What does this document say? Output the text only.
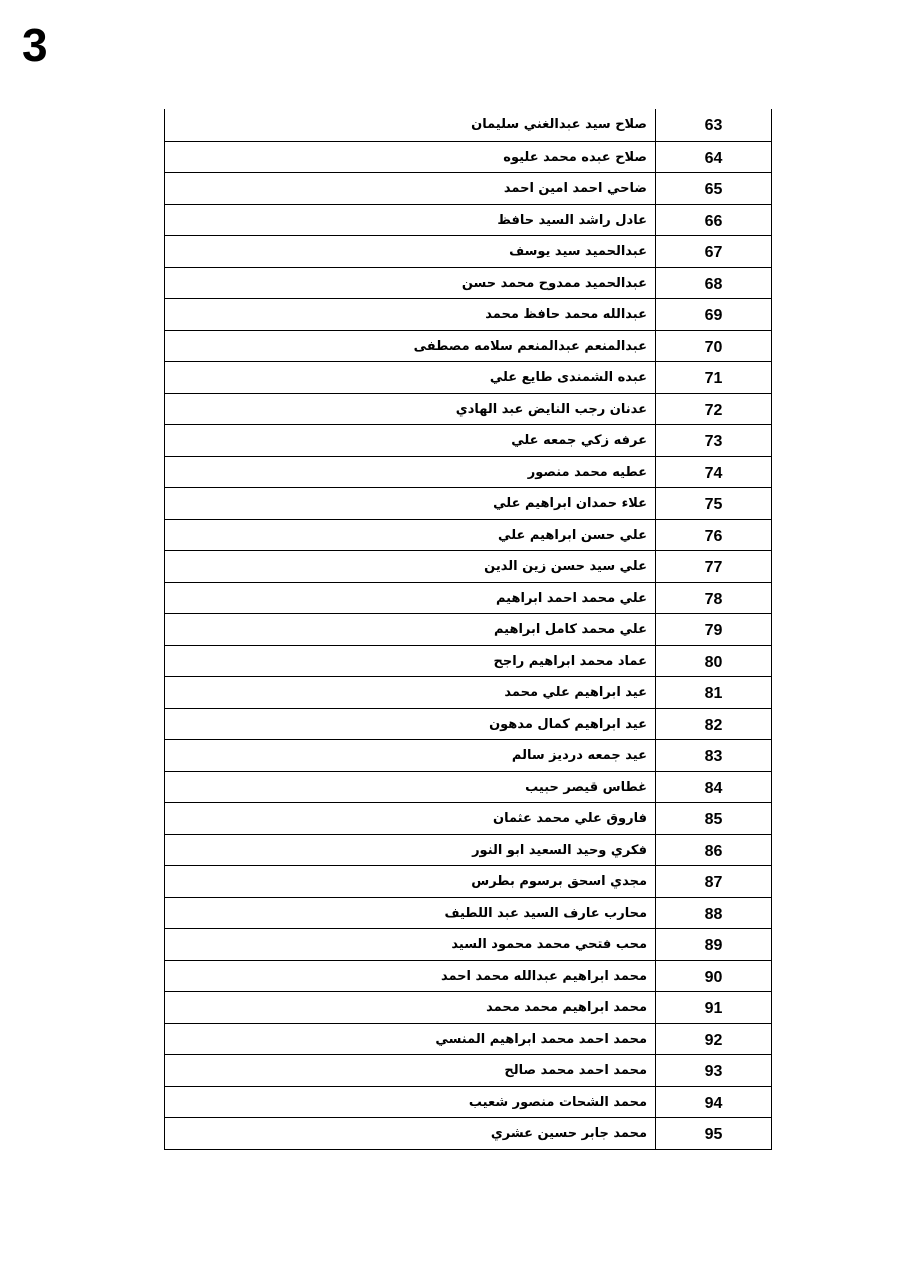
3
صلاح سيد عبدالغني سليمان	63
صلاح عبده محمد عليوه	64
ضاحي احمد امين احمد	65
عادل راشد السيد حافظ	66
عبدالحميد سيد يوسف	67
عبدالحميد ممدوح محمد حسن	68
عبدالله محمد حافظ محمد	69
عبدالمنعم عبدالمنعم سلامه مصطفى	70
عبده الشمندى طايع علي	71
عدنان رجب النايض عبد الهادي	72
عرفه زكي جمعه علي	73
عطيه محمد منصور	74
علاء حمدان ابراهيم علي	75
علي حسن ابراهيم علي	76
علي سيد حسن زين الدين	77
علي محمد احمد ابراهيم	78
علي محمد كامل ابراهيم	79
عماد محمد ابراهيم راجح	80
عيد ابراهيم علي محمد	81
عيد ابراهيم كمال مدهون	82
عيد جمعه درديز سالم	83
غطاس قيصر حبيب	84
فاروق علي محمد عثمان	85
فكري وحيد السعيد ابو النور	86
مجدي اسحق برسوم بطرس	87
محارب عارف السيد عبد اللطيف	88
محب فتحي محمد محمود السيد	89
محمد ابراهيم عبدالله محمد احمد	90
محمد ابراهيم محمد محمد	91
محمد احمد محمد ابراهيم المنسي	92
محمد احمد محمد صالح	93
محمد الشحات منصور شعيب	94
محمد جابر حسين عشري	95
